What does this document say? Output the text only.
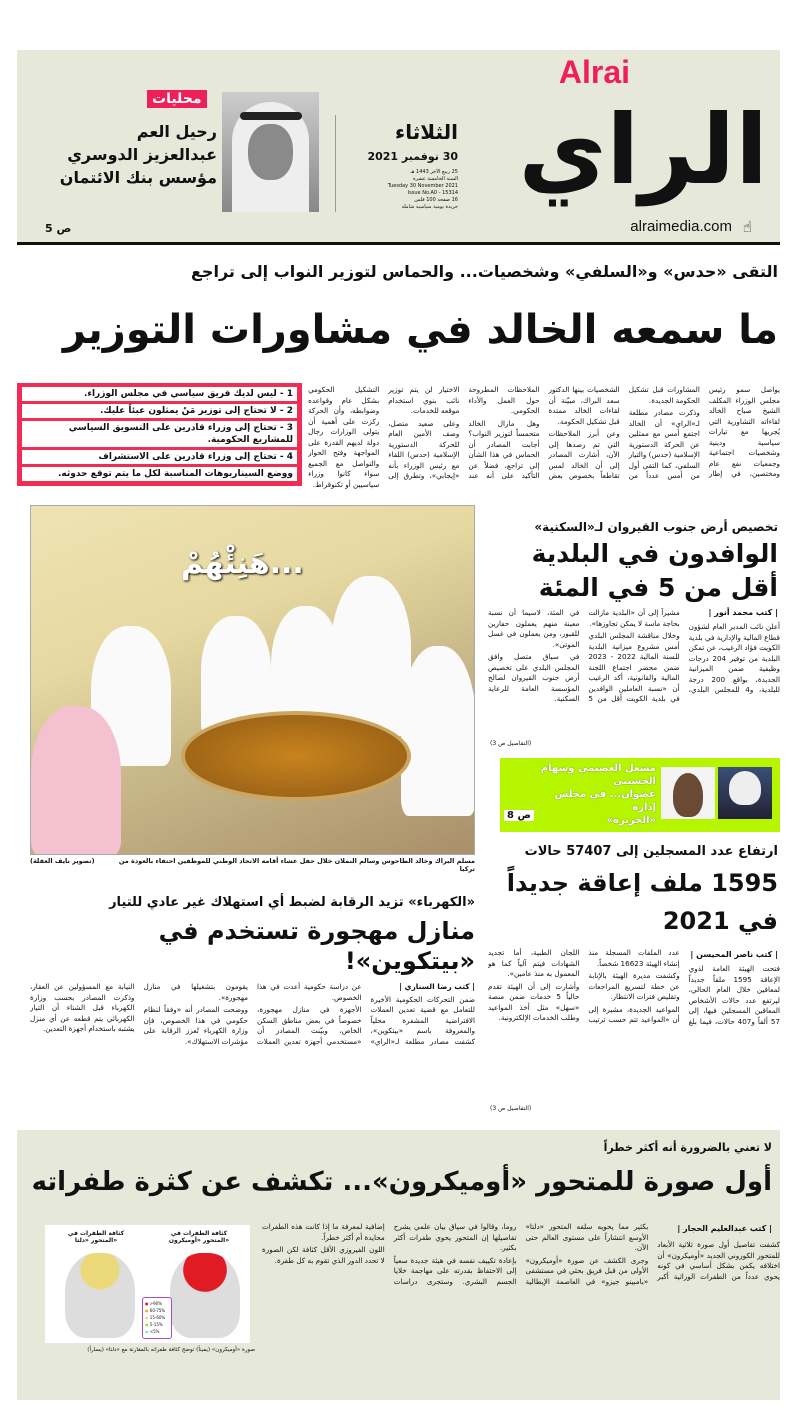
Alrai
الراي
alraimedia.com ☝
الثلاثاء
30 نوفمبر 2021
25 ربيع الآخر 1443 هـ
السنة الخامسة عشرة
Tuesday 30 November 2021
Issue No.A0 - 15314
16 صفحة 100 فلس
جريدة يومية سياسية شاملة
محليات
رحيل العم
عبدالعزيز الدوسري
مؤسس بنك الائتمان
ص 5
التقى «حدس» و«السلفي» وشخصيات... والحماس لتوزير النواب إلى تراجع
ما سمعه الخالد في مشاورات التوزير

يواصل سمو رئيس مجلس الوزراء المكلف الشيخ صباح الخالد لقاءاته التشاورية التي يُجريها مع تيارات سياسية ودينية وشخصيات اجتماعية وجمعيات نفع عام ومختصين، في إطار المشاورات قبل تشكيل الحكومة الجديدة.

وذكرت مصادر مطلعة لـ«الراي» أن الخالد اجتمع أمس مع ممثلين عن الحركة الدستورية الإسلامية (حدس) والتيار السلفي، كما التقى أول من أمس عدداً من الشخصيات بينها الدكتور سعد البراك، مبيّنة أن لقاءات الخالد ممتدة قبل تشكيل الحكومة.

وعن أبرز الملاحظات التي تم رصدها إلى الآن، أشارت المصادر إلى أن الخالد لمس تقاطعاً بخصوص بعض الملاحظات المطروحة حول العمل والأداء الحكومي.

وهل مازال الخالد متحمساً لتوزير النواب؟ أجابت المصادر أن الحماس في هذا الشأن إلى تراجع، فضلاً عن التأكيد على أنه عند الاختيار لن يتم توزير نائب بنوي استخدام موقعه للخدمات.

وعلى صعيد متصل، وصف الأمين العام للحركة الدستورية الإسلامية (حدس) اللقاء مع رئيس الوزراء بأنه «إيجابي»، وتطرق إلى التشكيل الحكومي بشكل عام وقواعده وضوابطه، وأن الحركة ركزت على أهمية أن يتولى الوزارات رجال دولة لديهم القدرة على المواجهة وفتح الحوار والتواصل مع الجميع سواء كانوا وزراء سياسيين أو تكنوقراط.

1 - ليس لديك فريق سياسي في مجلس الوزراء.
2 - لا تحتاج إلى توزير مَنْ يمثلون عبئاً عليك.
3 - تحتاج إلى وزراء قادرين على التسويق السياسي للمشاريع الحكومية.
4 - تحتاج إلى وزراء قادرين على الاستشراف
ووضع السيناريوهات المناسبة لكل ما يتم توقع حدوثه.
هَنِئْهُمْ...
(تصوير نايف العقلة)	مسلم البراك وخالد الطاحوس وسالم النملان خلال حفل عشاء أقامه الاتحاد الوطني للموظفين احتفاء بالعودة من تركيا
تخصيص أرض جنوب القيروان لـ«السكنية»
الوافدون في البلدية
أقل من 5 في المئة
| كتب محمد أنور |

أعلن نائب المدير العام لشؤون قطاع المالية والإدارية في بلدية الكويت فؤاد الرغيب، عن تمكن البلدية من توفير 204 درجات وظيفية ضمن الميزانية الجديدة، بواقع 200 درجة للبلدية، و4 للمجلس البلدي، مشيراً إلى أن «البلدية مازالت بحاجة ماسة لا يمكن تجاوزها».

وخلال مناقشة المجلس البلدي أمس مشروع ميزانية البلدية للسنة المالية 2022 - 2023 ضمن محضر اجتماع اللجنة المالية والقانونية، أكد الرغيب أن «نسبة العاملين الوافدين في بلدية الكويت أقل من 5 في المئة، لاسيما أن نسبة معينة منهم يعملون حفارين للقبور، ومن يعملون في غسل الموتى».

في سياق متصل وافق المجلس البلدي على تخصيص أرض جنوب القيروان لصالح المؤسسة العامة للرعاية السكنية.

(التفاصيل ص 3)
مشعل العصيمي وسهام الحسيني
عضوان... في مجلس إدارة
«الجزيرة»
ص 8
ارتفاع عدد المسجلين إلى 57407 حالات
1595 ملف إعاقة جديداً
في 2021
| كتب ناصر المحيسن |

فتحت الهيئة العامة لذوي الإعاقة 1595 ملفاً جديداً لمعاقين خلال العام الحالي، ليرتفع عدد حالات الأشخاص المعاقين المسجلين فيها، إلى 57 ألفاً و407 حالات، فيما بلغ عدد الملفات المسجلة منذ إنشاء الهيئة 16623 شخصاً.

وكشفت مديرة الهيئة بالإنابة عن خطة لتسريع المراجعات وتقليص فترات الانتظار.

المواعيد الجديدة، مشيرة إلى أن «المواعيد تتم حسب ترتيب اللجان الطبية، أما تجديد الشهادات فيتم آلياً كما هو المعمول به منذ عامين».

وأشارت إلى أن الهيئة تقدم حالياً 5 خدمات ضمن منصة «سهل» مثل أخذ المواعيد وطلب الخدمات الإلكترونية.

(التفاصيل ص 3)
«الكهرباء» تزيد الرقابة لضبط أي استهلاك غير عادي للتيار
منازل مهجورة تستخدم في «بيتكوين»!

| كتب رضا السناري |

ضمن التحركات الحكومية الأخيرة للتعامل مع قضية تعدين العملات الافتراضية المشفرة محلياً والمعروفة باسم «بيتكوين»، كشفت مصادر مطلعة لـ«الراي» عن دراسة حكومية أعدت في هذا الخصوص.

الأجهزة في منازل مهجورة، خصوصاً في بعض مناطق السكن الخاص، وبيّنت المصادر أن «مستخدمي أجهزة تعدين العملات يقومون بتشغيلها في منازل مهجورة».

ووضحت المصادر أنه «وفقاً لنظام حكومي في هذا الخصوص، فإن وزارة الكهرباء تُعزز الرقابة على مؤشرات الاستهلاك».

النيابة مع المسؤولين عن العقار، وذكرت المصادر بحسب وزارة الكهرباء قبل الشتاء أن التيار الكهربائي يتم قطعه عن أي منزل يشتبه باستخدام أجهزة التعدين.

لا تعني بالضرورة أنه أكثر خطراً
أول صورة للمتحور «أوميكرون»... تكشف عن كثرة طفراته
| كتب عبدالعليم الحجار |

كشفت تفاصيل أول صورة ثلاثية الأبعاد للمتحور الكوروني الجديد «أوميكرون» أن اختلافه يكمن بشكل أساسي في كونه يحوي عدداً من الطفرات الوراثية أكبر بكثير مما يحويه سلفه المتحور «دلتا» الأوسع انتشاراً على مستوى العالم حتى الآن.

وجرى الكشف عن صورة «أوميكرون» الأولى من قبل فريق بحثي في مستشفى «بامبينو جيزو» في العاصمة الإيطالية روما، وقالوا في سياق بيان علمي يشرح تفاصيلها إن المتحور يحوي طفرات أكثر بكثير.

بإعادة تكييف نفسه في هيئة جديدة سعياً إلى الاحتفاظ بقدرته على مهاجمة خلايا الجسم البشري. وستجرى دراسات إضافية لمعرفة ما إذا كانت هذه الطفرات محايدة أم أكثر خطراً.

اللون الفيروزي الأقل كثافة لكن الصورة لا تحدد الدور الذي تقوم به كل طفرة.

كثافة الطفرات في
المتحور «أوميكرون»
كثافة الطفرات في
المتحور «دلتا»
● >90%
● 60-75%
● 15-60%
● 5-15%
● <5%
صورة «أوميكرون» (يميناً) توضح كثافة طفراته بالمقارنة مع «دلتا» (يساراً)
